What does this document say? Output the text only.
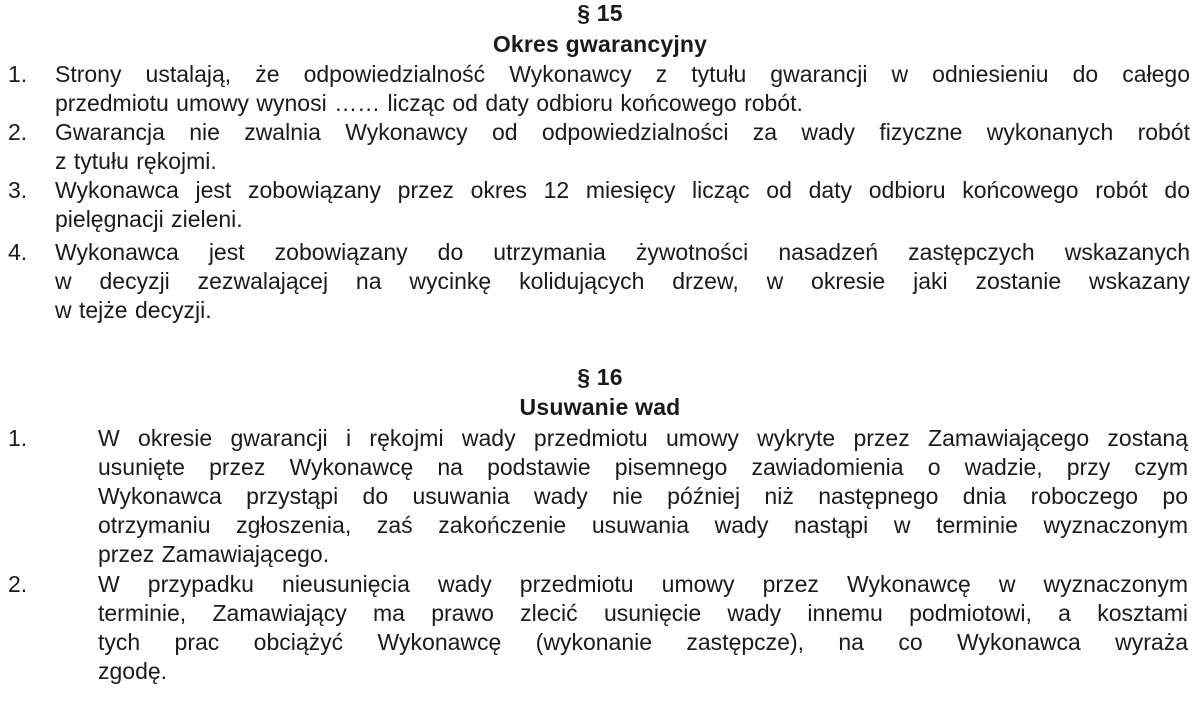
§ 15
Okres gwarancyjny
1. Strony ustalają, że odpowiedzialność Wykonawcy z tytułu gwarancji w odniesieniu do całego
przedmiotu umowy wynosi …… licząc od daty odbioru końcowego robót.
2. Gwarancja nie zwalnia Wykonawcy od odpowiedzialności za wady fizyczne wykonanych robót
z tytułu rękojmi.
3. Wykonawca jest zobowiązany przez okres 12 miesięcy licząc od daty odbioru końcowego robót do
pielęgnacji zieleni.
4. Wykonawca jest zobowiązany do utrzymania żywotności nasadzeń zastępczych wskazanych
w decyzji zezwalającej na wycinkę kolidujących drzew, w okresie jaki zostanie wskazany
w tejże decyzji.
§ 16
Usuwanie wad
1.	W okresie gwarancji i rękojmi wady przedmiotu umowy wykryte przez Zamawiającego zostaną
usunięte przez Wykonawcę na podstawie pisemnego zawiadomienia o wadzie, przy czym
Wykonawca przystąpi do usuwania wady nie później niż następnego dnia roboczego po
otrzymaniu zgłoszenia, zaś zakończenie usuwania wady nastąpi w terminie wyznaczonym
przez Zamawiającego.
2.	W przypadku nieusunięcia wady przedmiotu umowy przez Wykonawcę w wyznaczonym
terminie, Zamawiający ma prawo zlecić usunięcie wady innemu podmiotowi, a kosztami
tych prac obciążyć Wykonawcę (wykonanie zastępcze), na co Wykonawca wyraża
zgodę.
